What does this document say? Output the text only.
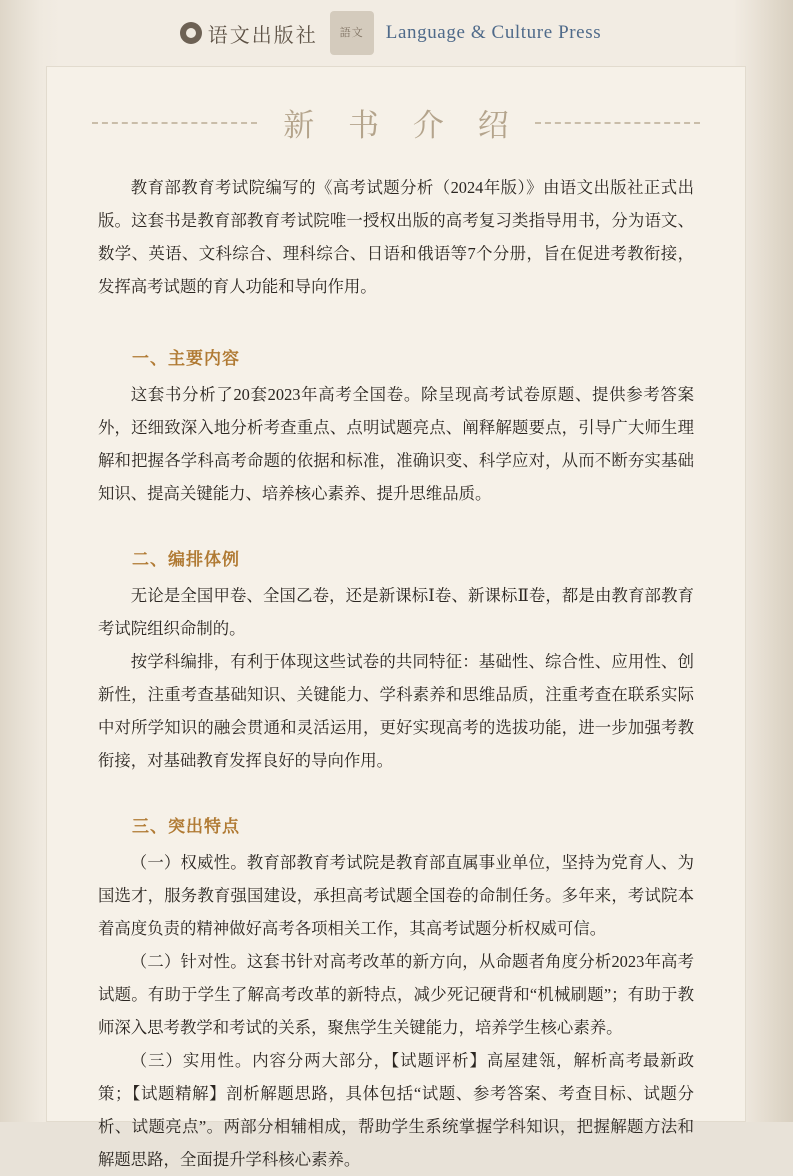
语文出版社	語文	Language & Culture Press
新 书 介 绍

教育部教育考试院编写的《高考试题分析（2024年版）》由语文出版社正式出版。这套书是教育部教育考试院唯一授权出版的高考复习类指导用书，分为语文、数学、英语、文科综合、理科综合、日语和俄语等7个分册，旨在促进考教衔接，发挥高考试题的育人功能和导向作用。

一、主要内容

这套书分析了20套2023年高考全国卷。除呈现高考试卷原题、提供参考答案外，还细致深入地分析考查重点、点明试题亮点、阐释解题要点，引导广大师生理解和把握各学科高考命题的依据和标准，准确识变、科学应对，从而不断夯实基础知识、提高关键能力、培养核心素养、提升思维品质。

二、编排体例

无论是全国甲卷、全国乙卷，还是新课标Ⅰ卷、新课标Ⅱ卷，都是由教育部教育考试院组织命制的。

按学科编排，有利于体现这些试卷的共同特征：基础性、综合性、应用性、创新性，注重考查基础知识、关键能力、学科素养和思维品质，注重考查在联系实际中对所学知识的融会贯通和灵活运用，更好实现高考的选拔功能，进一步加强考教衔接，对基础教育发挥良好的导向作用。

三、突出特点

（一）权威性。教育部教育考试院是教育部直属事业单位，坚持为党育人、为国选才，服务教育强国建设，承担高考试题全国卷的命制任务。多年来，考试院本着高度负责的精神做好高考各项相关工作，其高考试题分析权威可信。

（二）针对性。这套书针对高考改革的新方向，从命题者角度分析2023年高考试题。有助于学生了解高考改革的新特点，减少死记硬背和“机械刷题”；有助于教师深入思考教学和考试的关系，聚焦学生关键能力，培养学生核心素养。

（三）实用性。内容分两大部分，【试题评析】高屋建瓴，解析高考最新政策；【试题精解】剖析解题思路，具体包括“试题、参考答案、考查目标、试题分析、试题亮点”。两部分相辅相成，帮助学生系统掌握学科知识，把握解题方法和解题思路，全面提升学科核心素养。
